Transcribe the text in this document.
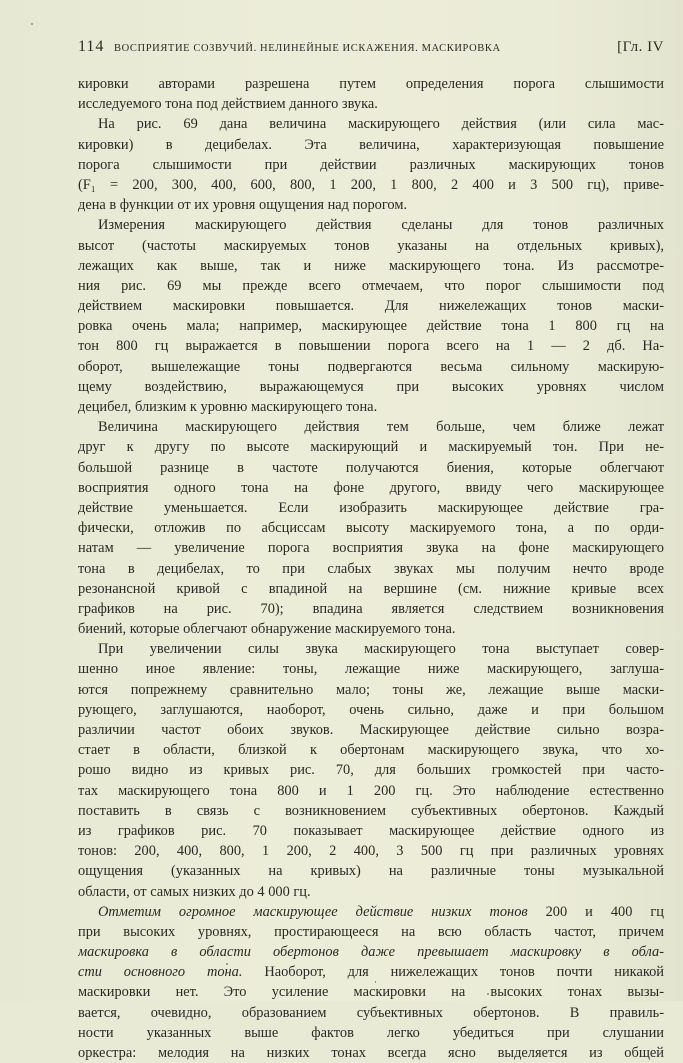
114 ВОСПРИЯТИЕ СОЗВУЧИЙ. НЕЛИНЕЙНЫЕ ИСКАЖЕНИЯ. МАСКИРОВКА	[Гл. IV
кировки авторами разрешена путем определения порога слышимости
исследуемого тона под действием данного звука.
На рис. 69 дана величина маскирующего действия (или сила мас-
кировки) в децибелах. Эта величина, характеризующая повышение
порога слышимости при действии различных маскирующих тонов
(F₁ = 200, 300, 400, 600, 800, 1 200, 1 800, 2 400 и 3 500 гц), приве-
дена в функции от их уровня ощущения над порогом.
Измерения маскирующего действия сделаны для тонов различных
высот (частоты маскируемых тонов указаны на отдельных кривых),
лежащих как выше, так и ниже маскирующего тона. Из рассмотре-
ния рис. 69 мы прежде всего отмечаем, что порог слышимости под
действием маскировки повышается. Для нижележащих тонов маски-
ровка очень мала; например, маскирующее действие тона 1 800 гц на
тон 800 гц выражается в повышении порога всего на 1 — 2 дб. На-
оборот, вышележащие тоны подвергаются весьма сильному маскирую-
щему воздействию, выражающемуся при высоких уровнях числом
децибел, близким к уровню маскирующего тона.
Величина маскирующего действия тем больше, чем ближе лежат
друг к другу по высоте маскирующий и маскируемый тон. При не-
большой разнице в частоте получаются биения, которые облегчают
восприятия одного тона на фоне другого, ввиду чего маскирующее
действие уменьшается. Если изобразить маскирующее действие гра-
фически, отложив по абсциссам высоту маскируемого тона, а по орди-
натам — увеличение порога восприятия звука на фоне маскирующего
тона в децибелах, то при слабых звуках мы получим нечто вроде
резонансной кривой с впадиной на вершине (см. нижние кривые всех
графиков на рис. 70); впадина является следствием возникновения
биений, которые облегчают обнаружение маскируемого тона.
При увеличении силы звука маскирующего тона выступает совер-
шенно иное явление: тоны, лежащие ниже маскирующего, заглуша-
ются попрежнему сравнительно мало; тоны же, лежащие выше маски-
рующего, заглушаются, наоборот, очень сильно, даже и при большом
различии частот обоих звуков. Маскирующее действие сильно возра-
стает в области, близкой к обертонам маскирующего звука, что хо-
рошо видно из кривых рис. 70, для больших громкостей при часто-
тах маскирующего тона 800 и 1 200 гц. Это наблюдение естественно
поставить в связь с возникновением субъективных обертонов. Каждый
из графиков рис. 70 показывает маскирующее действие одного из
тонов: 200, 400, 800, 1 200, 2 400, 3 500 гц при различных уровнях
ощущения (указанных на кривых) на различные тоны музыкальной
области, от самых низких до 4 000 гц.
Отметим огромное маскирующее действие низких тонов 200 и 400 гц
при высоких уровнях, простирающееся на всю область частот, причем
маскировка в области обертонов даже превышает маскировку в обла-
сти основного тона. Наоборот, для нижележащих тонов почти никакой
маскировки нет. Это усиление маскировки на высоких тонах вызы-
вается, очевидно, образованием субъективных обертонов. В правиль-
ности указанных выше фактов легко убедиться при слушании
оркестра: мелодия на низких тонах всегда ясно выделяется из общей
